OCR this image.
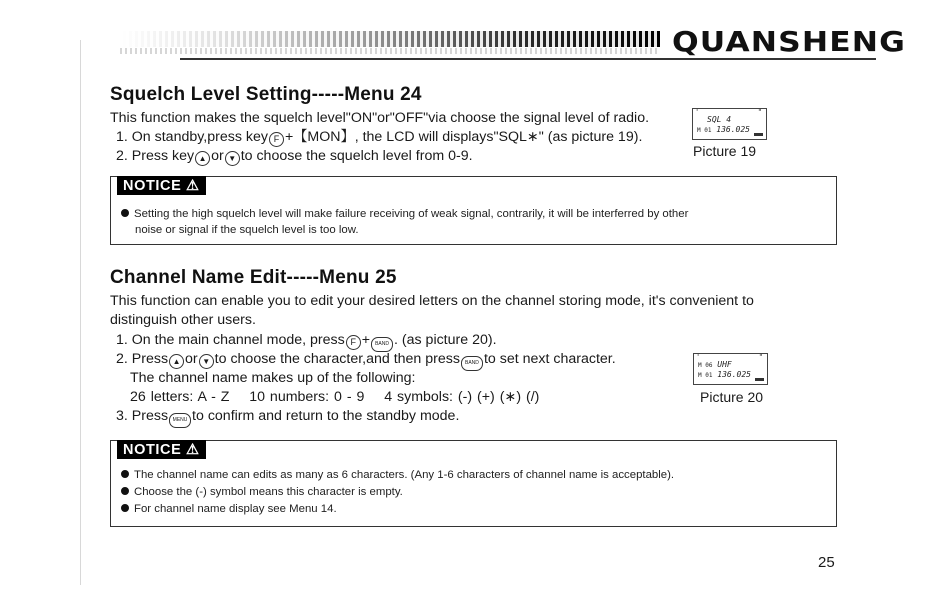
QUANSHENG
Squelch Level Setting-----Menu 24
This function makes the squelch level"ON"or"OFF"via choose the signal level of radio.
1. On standby,press key F +【MON】, the LCD will displays"SQL∗" (as picture 19).
2. Press key ▲ or ▼ to choose the squelch level from 0-9.
'	"
SQL 4
M 01 136.025
Picture 19
NOTICE ⚠
Setting the high squelch level will make failure receiving of weak signal, contrarily, it will be interferred by other
noise or signal if the squelch level is too low.
Channel Name Edit-----Menu 25
This function can enable you to edit your desired letters on the channel storing mode, it's convenient to
distinguish other users.
1. On the main channel mode, press F + BAND . (as picture 20).
2. Press ▲ or ▼ to choose the character,and then press BAND to set next character.
The channel name makes up of the following:
26 letters: A - Z 10 numbers: 0 - 9 4 symbols: (-) (+) (∗) (/)
3. Press MENU to confirm and return to the standby mode.
'	"
M 06 UHF
M 01 136.025
Picture 20
NOTICE ⚠
The channel name can edits as many as 6 characters. (Any 1-6 characters of channel name is acceptable).
Choose the (-) symbol means this character is empty.
For channel name display see Menu 14.
25
